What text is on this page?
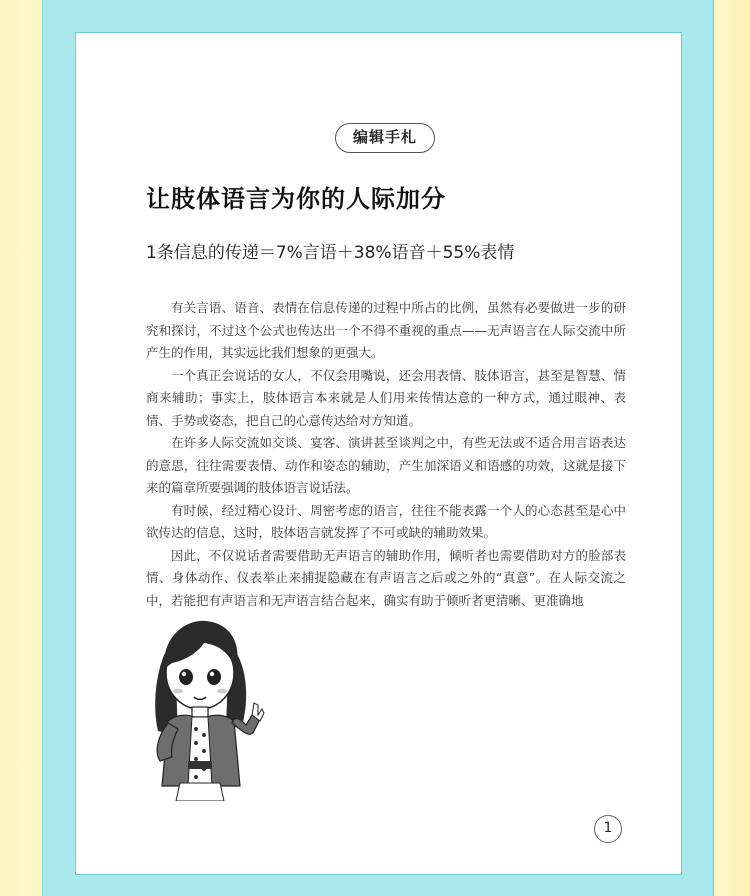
编辑手札
让肢体语言为你的人际加分
1条信息的传递＝7%言语＋38%语音＋55%表情

有关言语、语音、表情在信息传递的过程中所占的比例，虽然有必要做进一步的研究和探讨，不过这个公式也传达出一个不得不重视的重点——无声语言在人际交流中所产生的作用，其实远比我们想象的更强大。

一个真正会说话的女人，不仅会用嘴说，还会用表情、肢体语言，甚至是智慧、情商来辅助；事实上，肢体语言本来就是人们用来传情达意的一种方式，通过眼神、表情、手势或姿态，把自己的心意传达给对方知道。

在许多人际交流如交谈、宴客、演讲甚至谈判之中，有些无法或不适合用言语表达的意思，往往需要表情、动作和姿态的辅助，产生加深语义和语感的功效，这就是接下来的篇章所要强调的肢体语言说话法。

有时候，经过精心设计、周密考虑的语言，往往不能表露一个人的心态甚至是心中欲传达的信息，这时，肢体语言就发挥了不可或缺的辅助效果。

因此，不仅说话者需要借助无声语言的辅助作用，倾听者也需要借助对方的脸部表情、身体动作、仪表举止来捕捉隐藏在有声语言之后或之外的“真意”。在人际交流之中，若能把有声语言和无声语言结合起来，确实有助于倾听者更清晰、更准确地

1
